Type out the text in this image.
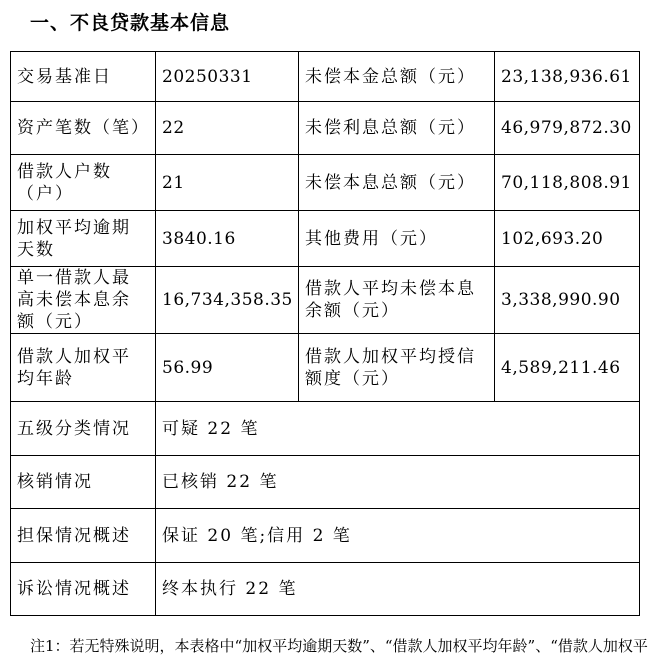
一、不良贷款基本信息
交易基准日	20250331	未偿本金总额（元）	23,138,936.61
资产笔数（笔）	22	未偿利息总额（元）	46,979,872.30
借款人户数（户）	21	未偿本息总额（元）	70,118,808.91
加权平均逾期天数	3840.16	其他费用（元）	102,693.20
单一借款人最高未偿本息余额（元）	16,734,358.35	借款人平均未偿本息余额（元）	3,338,990.90
借款人加权平均年龄	56.99	借款人加权平均授信额度（元）	4,589,211.46
五级分类情况	可疑 22 笔		
核销情况	已核销 22 笔		
担保情况概述	保证 20 笔;信用 2 笔		
诉讼情况概述	终本执行 22 笔		
注1：若无特殊说明，本表格中“加权平均逾期天数”、“借款人加权平均年龄”、“借款人加权平
